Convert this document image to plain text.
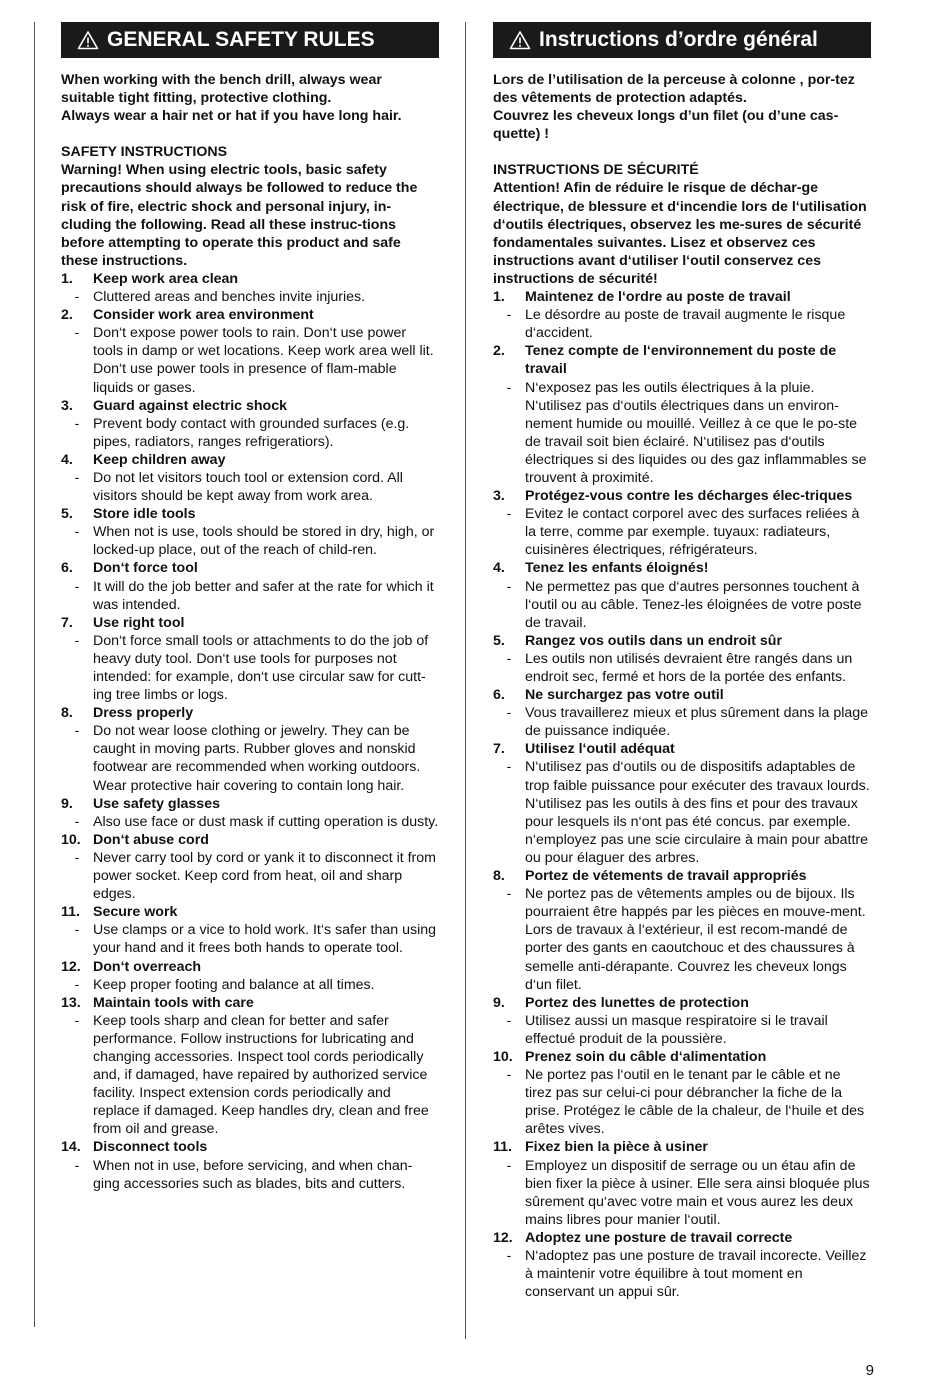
GENERAL SAFETY RULES

When working with the bench drill, always wear suitable tight fitting, protective clothing.

Always wear a hair net or hat if you have long hair.

SAFETY INSTRUCTIONS

Warning! When using electric tools, basic safety precautions should always be followed to reduce the risk of fire, electric shock and personal injury, in-cluding the following. Read all these instruc-tions before attempting to operate this product and safe these instructions.

1.	Keep work area clean
- Cluttered areas and benches invite injuries.
2.	Consider work area environment
- Don‘t expose power tools to rain. Don‘t use power tools in damp or wet locations. Keep work area well lit. Don‘t use power tools in presence of flam-mable liquids or gases.
3.	Guard against electric shock
- Prevent body contact with grounded surfaces (e.g. pipes, radiators, ranges refrigeratiors).
4.	Keep children away
- Do not let visitors touch tool or extension cord. All visitors should be kept away from work area.
5.	Store idle tools
- When not is use, tools should be stored in dry, high, or locked-up place, out of the reach of child-ren.
6.	Don‘t force tool
- It will do the job better and safer at the rate for which it was intended.
7.	Use right tool
- Don‘t force small tools or attachments to do the job of heavy duty tool. Don‘t use tools for purposes not intended: for example, don‘t use circular saw for cutt- ing tree limbs or logs.
8.	Dress properly
- Do not wear loose clothing or jewelry. They can be caught in moving parts. Rubber gloves and nonskid footwear are recommended when working outdoors. Wear protective hair covering to contain long hair.
9.	Use safety glasses
- Also use face or dust mask if cutting operation is dusty.
10. Don‘t abuse cord
- Never carry tool by cord or yank it to disconnect it from power socket. Keep cord from heat, oil and sharp edges.
11. Secure work
- Use clamps or a vice to hold work. It‘s safer than using your hand and it frees both hands to operate tool.
12. Don‘t overreach
- Keep proper footing and balance at all times.
13. Maintain tools with care
- Keep tools sharp and clean for better and safer performance. Follow instructions for lubricating and changing accessories. Inspect tool cords periodically and, if damaged, have repaired by authorized service facility. Inspect extension cords periodically and replace if damaged. Keep handles dry, clean and free from oil and grease.
14. Disconnect tools
- When not in use, before servicing, and when chan-ging accessories such as blades, bits and cutters.
Instructions d’ordre général

Lors de l’utilisation de la perceuse à colonne , por-tez des vêtements de protection adaptés.

Couvrez les cheveux longs d’un filet (ou d’une cas-quette) !

INSTRUCTIONS DE SÉCURITÉ

Attention! Afin de réduire le risque de déchar-ge électrique, de blessure et d‘incendie lors de l‘utilisation d‘outils électriques, observez les me-sures de sécurité fondamentales suivantes. Lisez et observez ces instructions avant d‘utiliser l‘outil conservez ces instructions de sécurité!

1.	Maintenez de l‘ordre au poste de travail
- Le désordre au poste de travail augmente le risque d‘accident.
2.	Tenez compte de l‘environnement du poste de travail
- N‘exposez pas les outils électriques à la pluie. N‘utilisez pas d‘outils électriques dans un environ-nement humide ou mouillé. Veillez à ce que le po-ste de travail soit bien éclairé. N‘utilisez pas d‘outils électriques si des liquides ou des gaz inflammables se trouvent à proximité.
3.	Protégez-vous contre les décharges élec-triques
- Evitez le contact corporel avec des surfaces reliées à la terre, comme par exemple. tuyaux: radiateurs, cuisinères électriques, réfrigérateurs.
4.	Tenez les enfants éloignés!
- Ne permettez pas que d‘autres personnes touchent à l‘outil ou au câble. Tenez-les éloignées de votre poste de travail.
5.	Rangez vos outils dans un endroit sûr
- Les outils non utilisés devraient être rangés dans un endroit sec, fermé et hors de la portée des enfants.
6.	Ne surchargez pas votre outil
- Vous travaillerez mieux et plus sûrement dans la plage de puissance indiquée.
7.	Utilisez l‘outil adéquat
- N‘utilisez pas d‘outils ou de dispositifs adaptables de trop faible puissance pour exécuter des travaux lourds. N‘utilisez pas les outils à des fins et pour des travaux pour lesquels ils n‘ont pas été concus. par exemple. n‘employez pas une scie circulaire à main pour abattre ou pour élaguer des arbres.
8.	Portez de vétements de travail appropriés
- Ne portez pas de vêtements amples ou de bijoux. Ils pourraient être happés par les pièces en mouve-ment. Lors de travaux à l‘extérieur, il est recom-mandé de porter des gants en caoutchouc et des chaussures à semelle anti-dérapante. Couvrez les cheveux longs d‘un filet.
9.	Portez des lunettes de protection
- Utilisez aussi un masque respiratoire si le travail effectué produit de la poussière.
10. Prenez soin du câble d‘alimentation
- Ne portez pas l‘outil en le tenant par le câble et ne tirez pas sur celui-ci pour débrancher la fiche de la prise. Protégez le câble de la chaleur, de l‘huile et des arêtes vives.
11. Fixez bien la pièce à usiner
- Employez un dispositif de serrage ou un étau afin de bien fixer la pièce à usiner. Elle sera ainsi bloquée plus sûrement qu‘avec votre main et vous aurez les deux mains libres pour manier l‘outil.
12. Adoptez une posture de travail correcte
- N‘adoptez pas une posture de travail incorecte. Veillez à maintenir votre équilibre à tout moment en conservant un appui sûr.
9
